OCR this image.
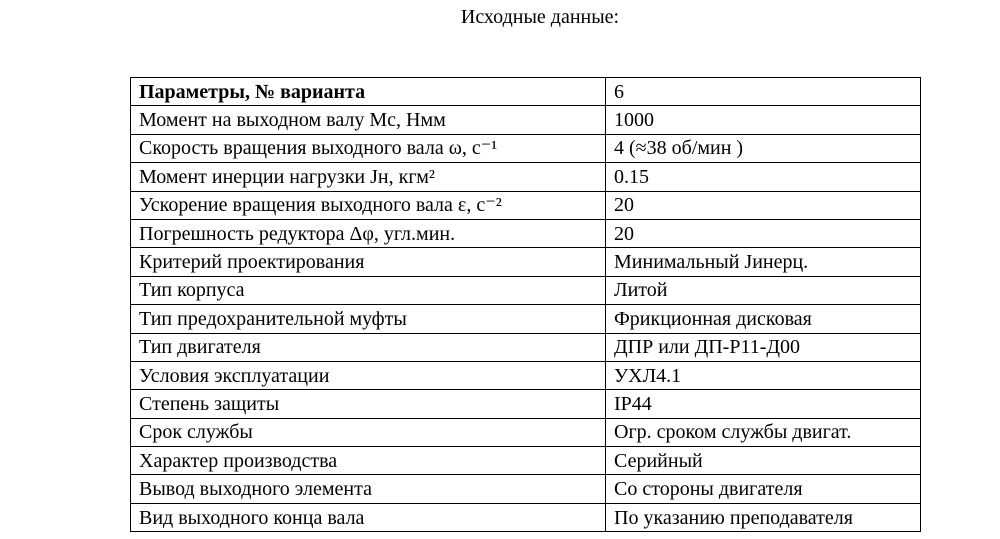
Исходные данные:
Параметры, № варианта	6
Момент на выходном валу Мс, Нмм	1000
Скорость вращения выходного вала ω, с⁻¹	4 (≈38 об/мин )
Момент инерции нагрузки Jн, кгм²	0.15
Ускорение вращения выходного вала ε, с⁻²	20
Погрешность редуктора Δφ, угл.мин.	20
Критерий проектирования	Минимальный Jинерц.
Тип корпуса	Литой
Тип предохранительной муфты	Фрикционная дисковая
Тип двигателя	ДПР или ДП-Р11-Д00
Условия эксплуатации	УХЛ4.1
Степень защиты	IP44
Срок службы	Огр. сроком службы двигат.
Характер производства	Серийный
Вывод выходного элемента	Со стороны двигателя
Вид выходного конца вала	По указанию преподавателя
